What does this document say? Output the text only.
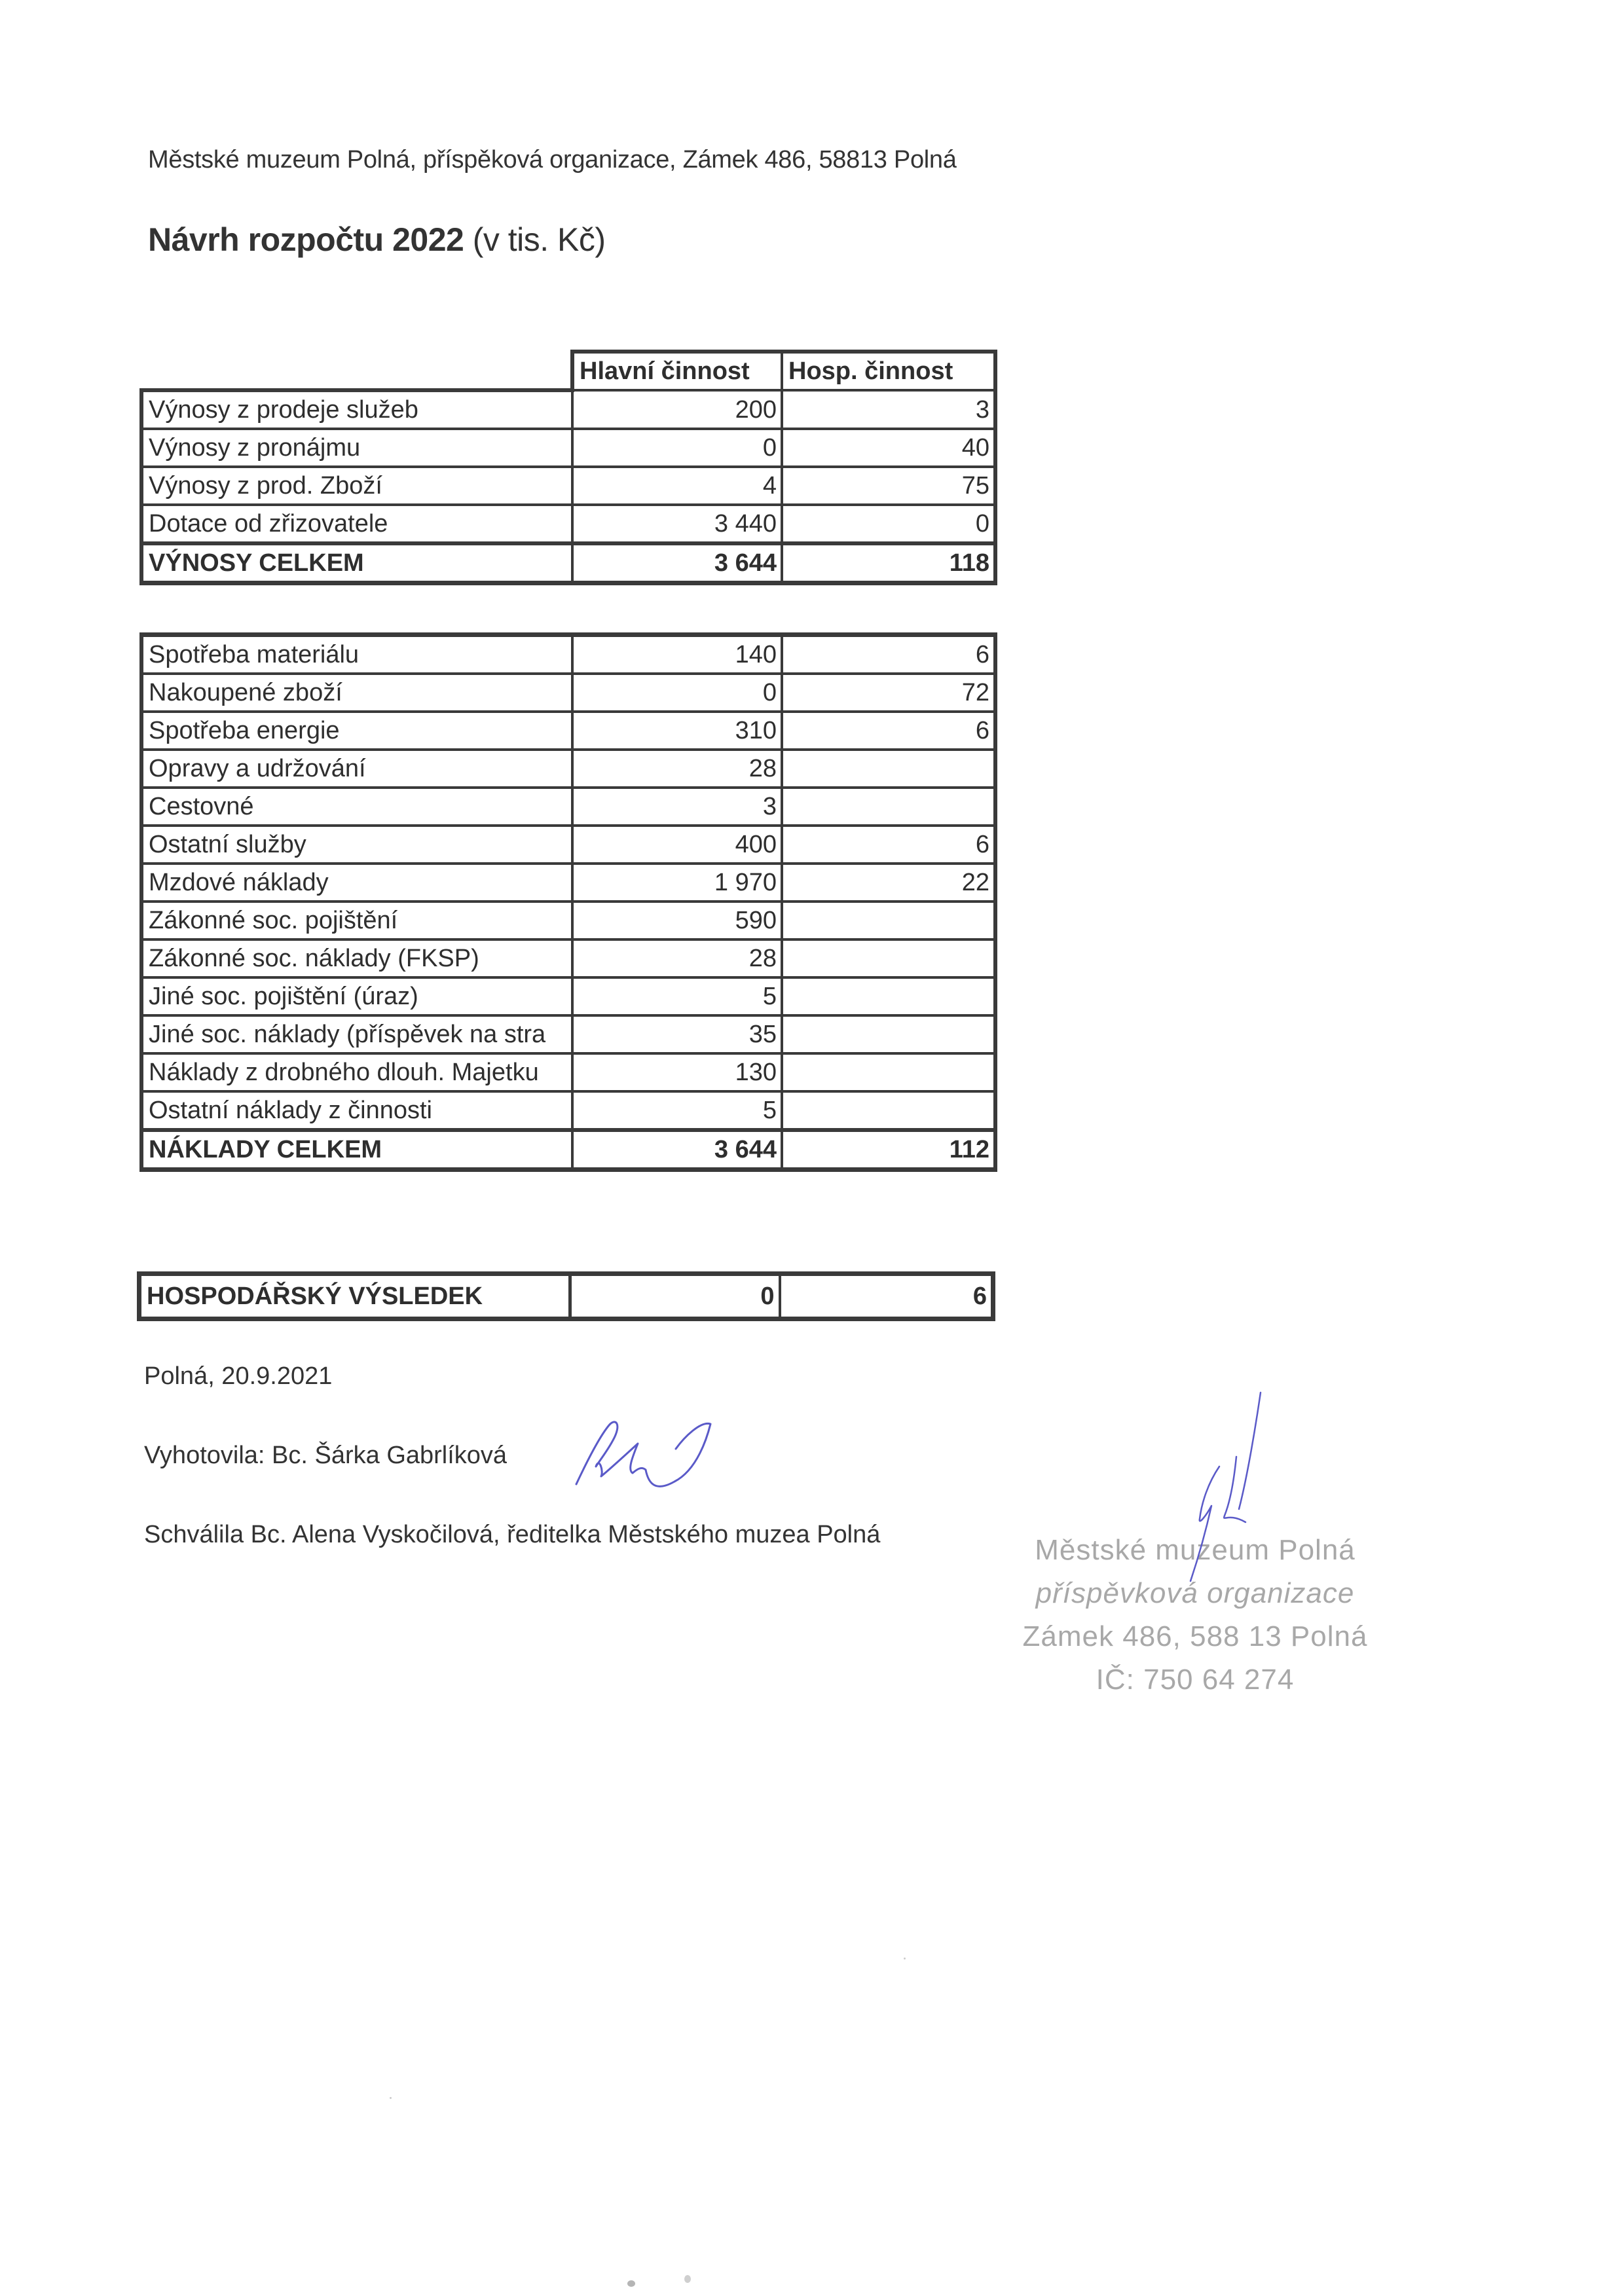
Městské muzeum Polná, příspěková organizace, Zámek 486, 58813 Polná
Návrh rozpočtu 2022 (v tis. Kč)
	Hlavní činnost	Hosp. činnost
Výnosy z prodeje služeb	200	3
Výnosy z pronájmu	0	40
Výnosy z prod. Zboží	4	75
Dotace od zřizovatele	3 440	0
VÝNOSY CELKEM	3 644	118
Spotřeba materiálu	140	6
Nakoupené zboží	0	72
Spotřeba energie	310	6
Opravy a udržování	28	
Cestovné	3	
Ostatní služby	400	6
Mzdové náklady	1 970	22
Zákonné soc. pojištění	590	
Zákonné soc. náklady (FKSP)	28	
Jiné soc. pojištění (úraz)	5	
Jiné soc. náklady (příspěvek na stra	35	
Náklady z drobného dlouh. Majetku	130	
Ostatní náklady z činnosti	5	
NÁKLADY CELKEM	3 644	112
HOSPODÁŘSKÝ VÝSLEDEK	0	6
Polná, 20.9.2021
Vyhotovila: Bc. Šárka Gabrlíková
Schválila Bc. Alena Vyskočilová, ředitelka Městského muzea Polná	Městské muzeum Polná
příspěvková organizace
Zámek 486, 588 13 Polná
IČ: 750 64 274
